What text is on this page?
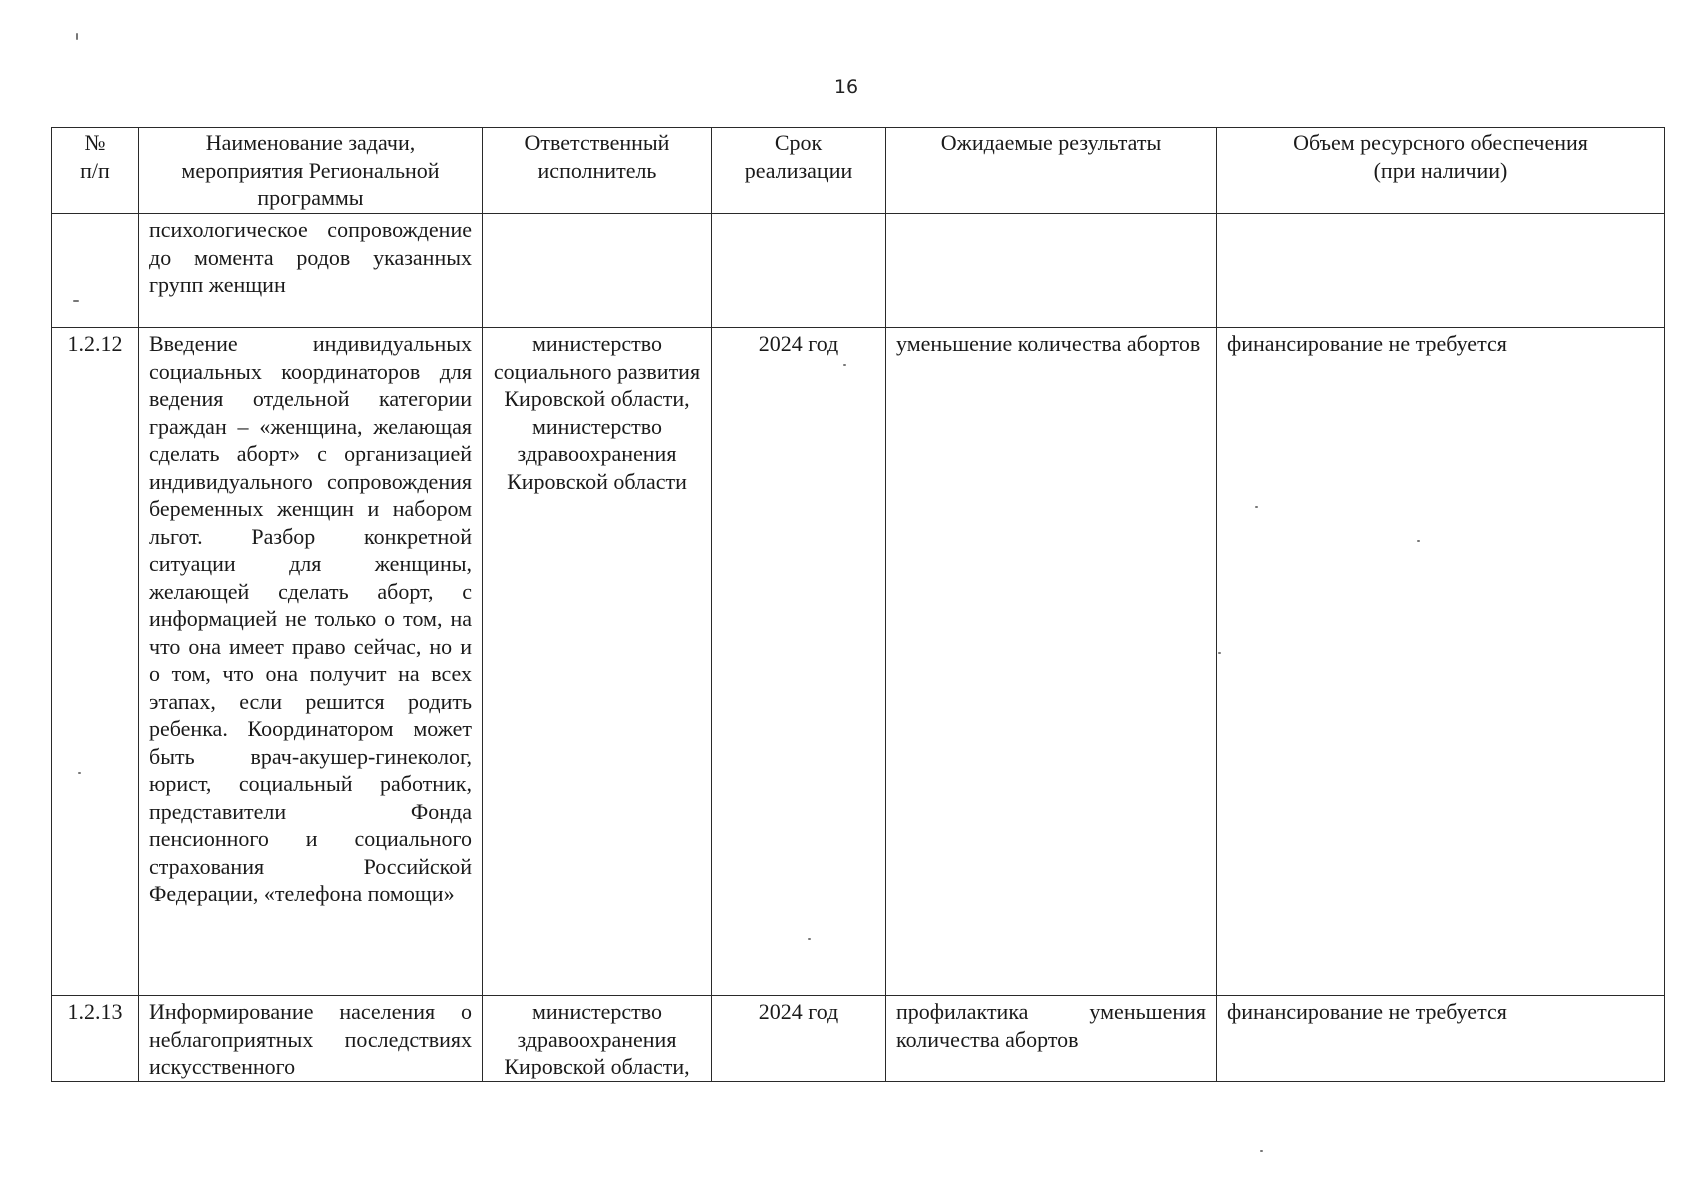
16
№ п/п	Наименование задачи, мероприятия Региональной программы	Ответственный исполнитель	Срок реализации	Ожидаемые результаты	Объем ресурсного обеспечения (при наличии)

	психологическое сопровождение до момента родов указанных групп женщин				
1.2.12	Введение индивидуальных социальных координаторов для ведения отдельной категории граждан – «женщина, желающая сделать аборт» с организацией индивидуального сопровождения беременных женщин и набором льгот. Разбор конкретной ситуации для женщины, желающей сделать аборт, с информацией не только о том, на что она имеет право сейчас, но и о том, что она получит на всех этапах, если решится родить ребенка. Координатором может быть врач-акушер-гинеколог, юрист, социальный работник, представители Фонда пенсионного и социального страхования Российской Федерации, «телефона помощи»	министерство социального развития Кировской области, министерство здравоохранения Кировской области	2024 год	уменьшение количества абортов	финансирование не требуется
1.2.13	Информирование населения о неблагоприятных последствиях искусственного	министерство здравоохранения Кировской области,	2024 год	профилактика уменьшения количества абортов	финансирование не требуется
